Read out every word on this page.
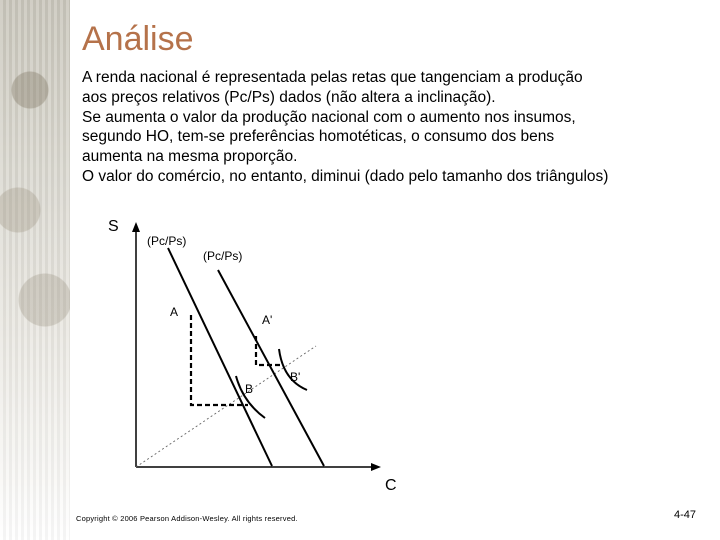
Análise
A renda nacional é representada pelas retas que tangenciam a produção
aos preços relativos (Pc/Ps) dados (não altera a inclinação).
Se aumenta o valor da produção nacional com o aumento nos insumos,
segundo HO, tem-se preferências homotéticas, o consumo dos bens
aumenta na mesma proporção.
O valor do comércio, no entanto, diminui (dado pelo tamanho dos triângulos)
S
C
(Pc/Ps)
(Pc/Ps)
A
A'
B
B'
Copyright © 2006 Pearson Addison-Wesley. All rights reserved.	4-47
